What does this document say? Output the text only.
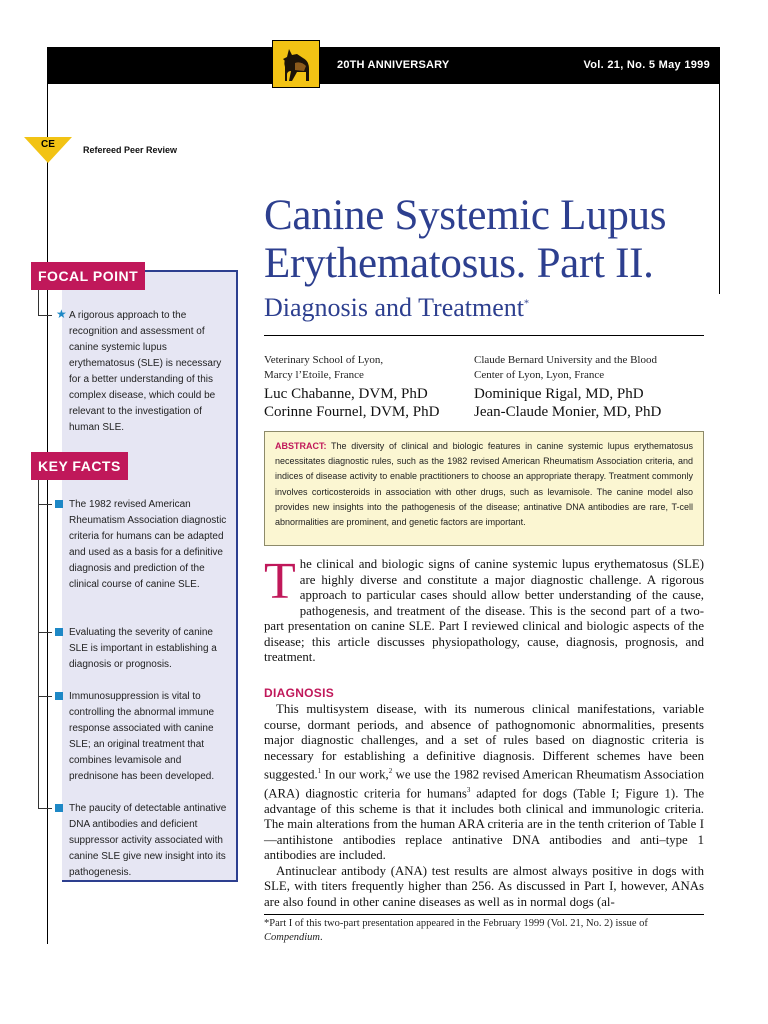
20TH ANNIVERSARY	Vol. 21, No. 5 May 1999
CE	Refereed Peer Review
Canine Systemic Lupus
Erythematosus. Part II.
Diagnosis and Treatment*
Veterinary School of Lyon,
Marcy l’Etoile, France
Luc Chabanne, DVM, PhD
Corinne Fournel, DVM, PhD
Claude Bernard University and the Blood
Center of Lyon, Lyon, France
Dominique Rigal, MD, PhD
Jean-Claude Monier, MD, PhD
ABSTRACT: The diversity of clinical and biologic features in canine systemic lupus erythematosus necessitates diagnostic rules, such as the 1982 revised American Rheumatism Association criteria, and indices of disease activity to enable practitioners to choose an appropriate therapy. Treatment commonly involves corticosteroids in association with other drugs, such as levamisole. The canine model also provides new insights into the pathogenesis of the disease; antinative DNA antibodies are rare, T-cell abnormalities are prominent, and genetic factors are important.
The clinical and biologic signs of canine systemic lupus erythematosus (SLE) are highly diverse and constitute a major diagnostic challenge. A rigorous approach to particular cases should allow better understanding of the cause, pathogenesis, and treatment of the disease. This is the second part of a two-part presentation on canine SLE. Part I reviewed clinical and biologic aspects of the disease; this article discusses physiopathology, cause, diagnosis, prognosis, and treatment.
DIAGNOSIS
This multisystem disease, with its numerous clinical manifestations, variable course, dormant periods, and absence of pathognomonic abnormalities, presents major diagnostic challenges, and a set of rules based on diagnostic criteria is necessary for establishing a definitive diagnosis. Different schemes have been suggested.$^1$ In our work,$^2$ we use the 1982 revised American Rheumatism Association (ARA) diagnostic criteria for humans$^3$ adapted for dogs (Table I; Figure 1). The advantage of this scheme is that it includes both clinical and immunologic criteria. The main alterations from the human ARA criteria are in the tenth criterion of Table I—antihistone antibodies replace antinative DNA antibodies and anti–type 1 antibodies are included.
Antinuclear antibody (ANA) test results are almost always positive in dogs with SLE, with titers frequently higher than 256. As discussed in Part I, however, ANAs are also found in other canine diseases as well as in normal dogs (al-
*Part I of this two-part presentation appeared in the February 1999 (Vol. 21, No. 2) issue of Compendium.
FOCAL POINT
★ A rigorous approach to the recognition and assessment of canine systemic lupus erythematosus (SLE) is necessary for a better understanding of this complex disease, which could be relevant to the investigation of human SLE.
KEY FACTS
The 1982 revised American Rheumatism Association diagnostic criteria for humans can be adapted and used as a basis for a definitive diagnosis and prediction of the clinical course of canine SLE.
Evaluating the severity of canine SLE is important in establishing a diagnosis or prognosis.
Immunosuppression is vital to controlling the abnormal immune response associated with canine SLE; an original treatment that combines levamisole and prednisone has been developed.
The paucity of detectable antinative DNA antibodies and deficient suppressor activity associated with canine SLE give new insight into its pathogenesis.
